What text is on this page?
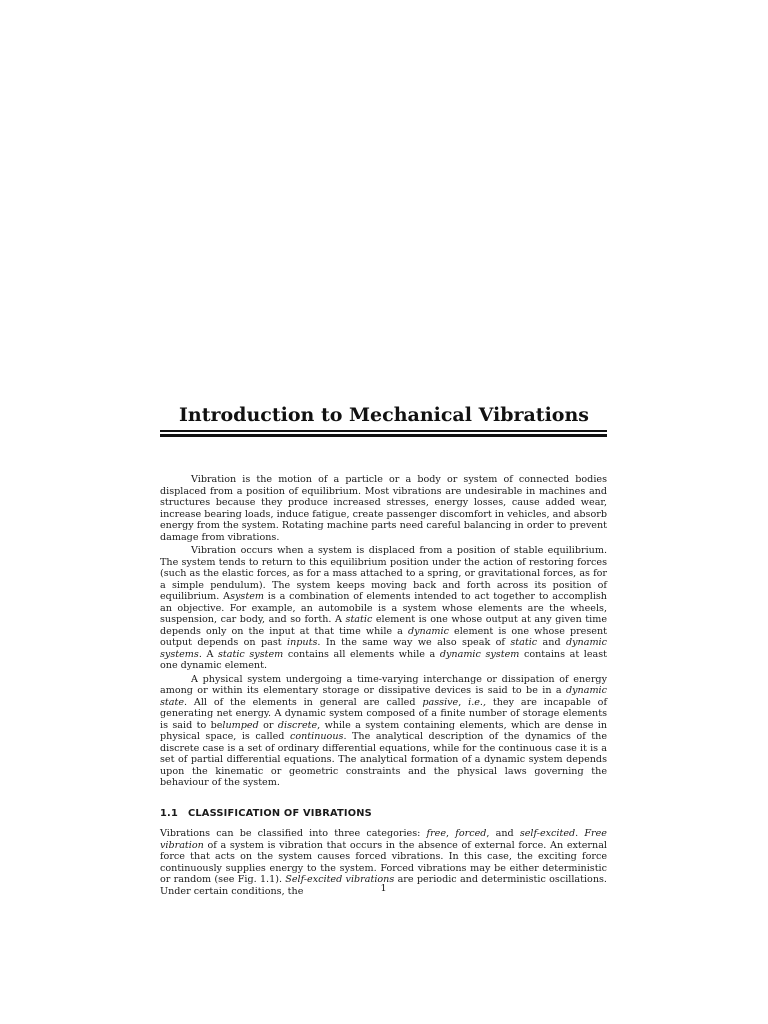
Introduction to Mechanical Vibrations

Vibration is the motion of a particle or a body or system of connected bodies displaced from a position of equilibrium. Most vibrations are undesirable in machines and structures because they produce increased stresses, energy losses, cause added wear, increase bearing loads, induce fatigue, create passenger discomfort in vehicles, and absorb energy from the system. Rotating machine parts need careful balancing in order to prevent damage from vibrations.

Vibration occurs when a system is displaced from a position of stable equilibrium. The system tends to return to this equilibrium position under the action of restoring forces (such as the elastic forces, as for a mass attached to a spring, or gravitational forces, as for a simple pendulum). The system keeps moving back and forth across its position of equilibrium. Asystem is a combination of elements intended to act together to accomplish an objective. For example, an automobile is a system whose elements are the wheels, suspension, car body, and so forth. A static element is one whose output at any given time depends only on the input at that time while a dynamic element is one whose present output depends on past inputs. In the same way we also speak of static and dynamic systems. A static system contains all elements while a dynamic system contains at least one dynamic element.

A physical system undergoing a time-varying interchange or dissipation of energy among or within its elementary storage or dissipative devices is said to be in a dynamic state. All of the elements in general are called passive, i.e., they are incapable of generating net energy. A dynamic system composed of a finite number of storage elements is said to belumped or discrete, while a system containing elements, which are dense in physical space, is called continuous. The analytical description of the dynamics of the discrete case is a set of ordinary differential equations, while for the continuous case it is a set of partial differential equations. The analytical formation of a dynamic system depends upon the kinematic or geometric constraints and the physical laws governing the behaviour of the system.

1.1 CLASSIFICATION OF VIBRATIONS

Vibrations can be classified into three categories: free, forced, and self-excited. Free vibration of a system is vibration that occurs in the absence of external force. An external force that acts on the system causes forced vibrations. In this case, the exciting force continuously supplies energy to the system. Forced vibrations may be either deterministic or random (see Fig. 1.1). Self-excited vibrations are periodic and deterministic oscillations. Under certain conditions, the	1
